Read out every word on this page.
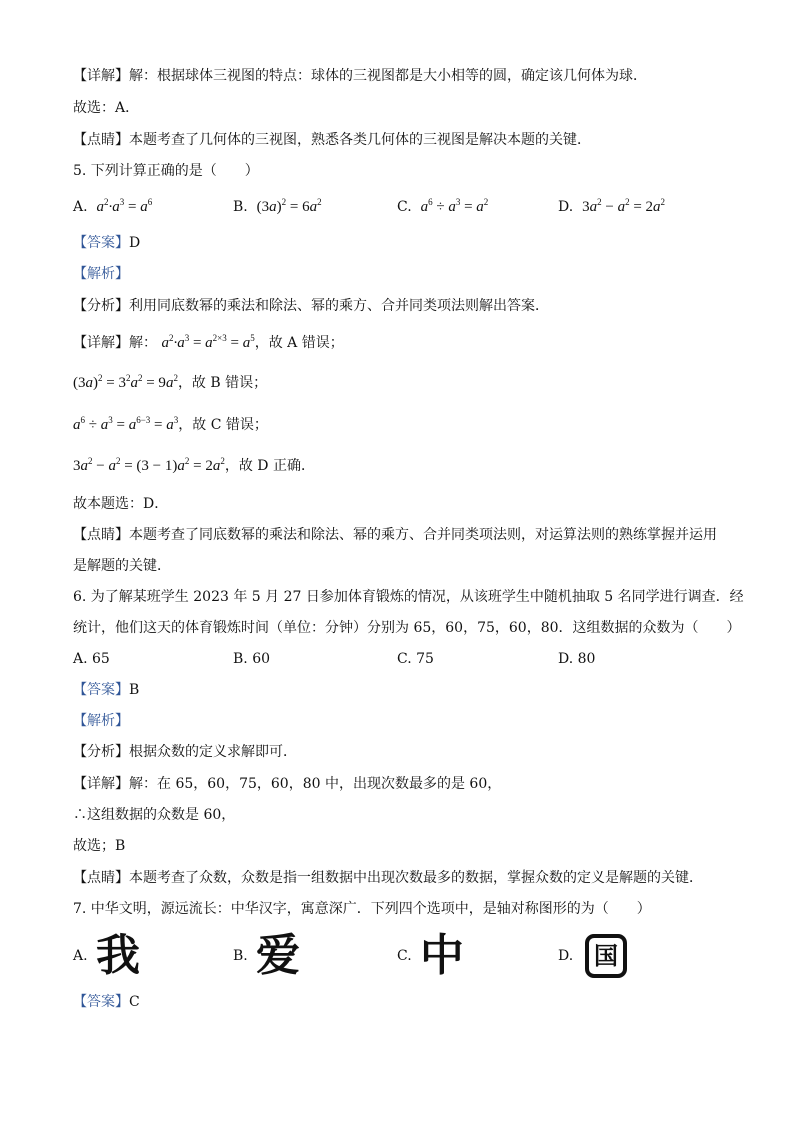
【详解】解：根据球体三视图的特点：球体的三视图都是大小相等的圆，确定该几何体为球．
故选：A．
【点睛】本题考查了几何体的三视图，熟悉各类几何体的三视图是解决本题的关键．
5. 下列计算正确的是（　　）
A. $a^2\cdot a^3 = a^6$	B. $(3a)^2 = 6a^2$	C. $a^6 \div a^3 = a^2$	D. $3a^2 - a^2 = 2a^2$
【答案】D
【解析】
【分析】利用同底数幂的乘法和除法、幂的乘方、合并同类项法则解出答案．
【详解】解： $a^2\cdot a^3 = a^{2\times 3} = a^5$，故 A 错误；
$(3a)^2 = 3^2a^2 = 9a^2$，故 B 错误；
$a^6 \div a^3 = a^{6-3} = a^3$，故 C 错误；
$3a^2 - a^2 = (3 - 1)a^2 = 2a^2$，故 D 正确．
故本题选：D．
【点睛】本题考查了同底数幂的乘法和除法、幂的乘方、合并同类项法则，对运算法则的熟练掌握并运用
是解题的关键．
6. 为了解某班学生 2023 年 5 月 27 日参加体育锻炼的情况，从该班学生中随机抽取 5 名同学进行调查．经
统计，他们这天的体育锻炼时间（单位：分钟）分别为 65，60，75，60，80．这组数据的众数为（　　）
A. 65	B. 60	C. 75	D. 80
【答案】B
【解析】
【分析】根据众数的定义求解即可．
【详解】解：在 65，60，75，60，80 中，出现次数最多的是 60，
∴这组数据的众数是 60，
故选；B
【点睛】本题考查了众数，众数是指一组数据中出现次数最多的数据，掌握众数的定义是解题的关键．
7. 中华文明，源远流长：中华汉字，寓意深广．下列四个选项中，是轴对称图形的为（　　）
A. 我	B. 爱	C. 中	D. 国
【答案】C
